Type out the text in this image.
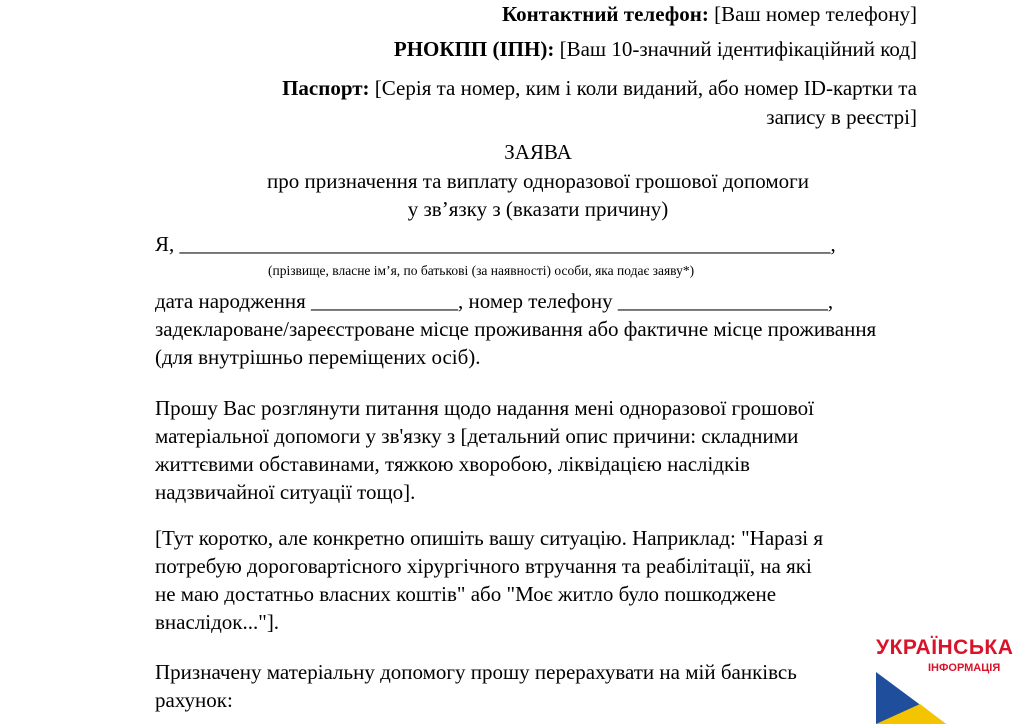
Контактний телефон: [Ваш номер телефону]
РНОКПП (ІПН): [Ваш 10-значний ідентифікаційний код]
Паспорт: [Серія та номер, ким і коли виданий, або номер ID-картки та
запису в реєстрі]
ЗАЯВА
про призначення та виплату одноразової грошової допомоги
у зв’язку з (вказати причину)
Я, ______________________________________________________________,
(прізвище, власне ім’я, по батькові (за наявності) особи, яка подає заяву*)
дата народження ______________, номер телефону ____________________,
задекларoване/зареєстроване місце проживання або фактичне місце проживання
(для внутрішньо переміщених осіб).
Прошу Вас розглянути питання щодо надання мені одноразової грошової
матеріальної допомоги у зв'язку з [детальний опис причини: складними
життєвими обставинами, тяжкою хворобою, ліквідацією наслідків
надзвичайної ситуації тощо].
[Тут коротко, але конкретно опишіть вашу ситуацію. Наприклад: "Наразі я
потребую дороговартісного хірургічного втручання та реабілітації, на які
не маю достатньо власних коштів" або "Моє житло було пошкоджене
внаслідок..."].
Призначену матеріальну допомогу прошу перерахувати на мій банківсь
рахунок:
УКРАЇНСЬКА
ІНФОРМАЦІЯ
